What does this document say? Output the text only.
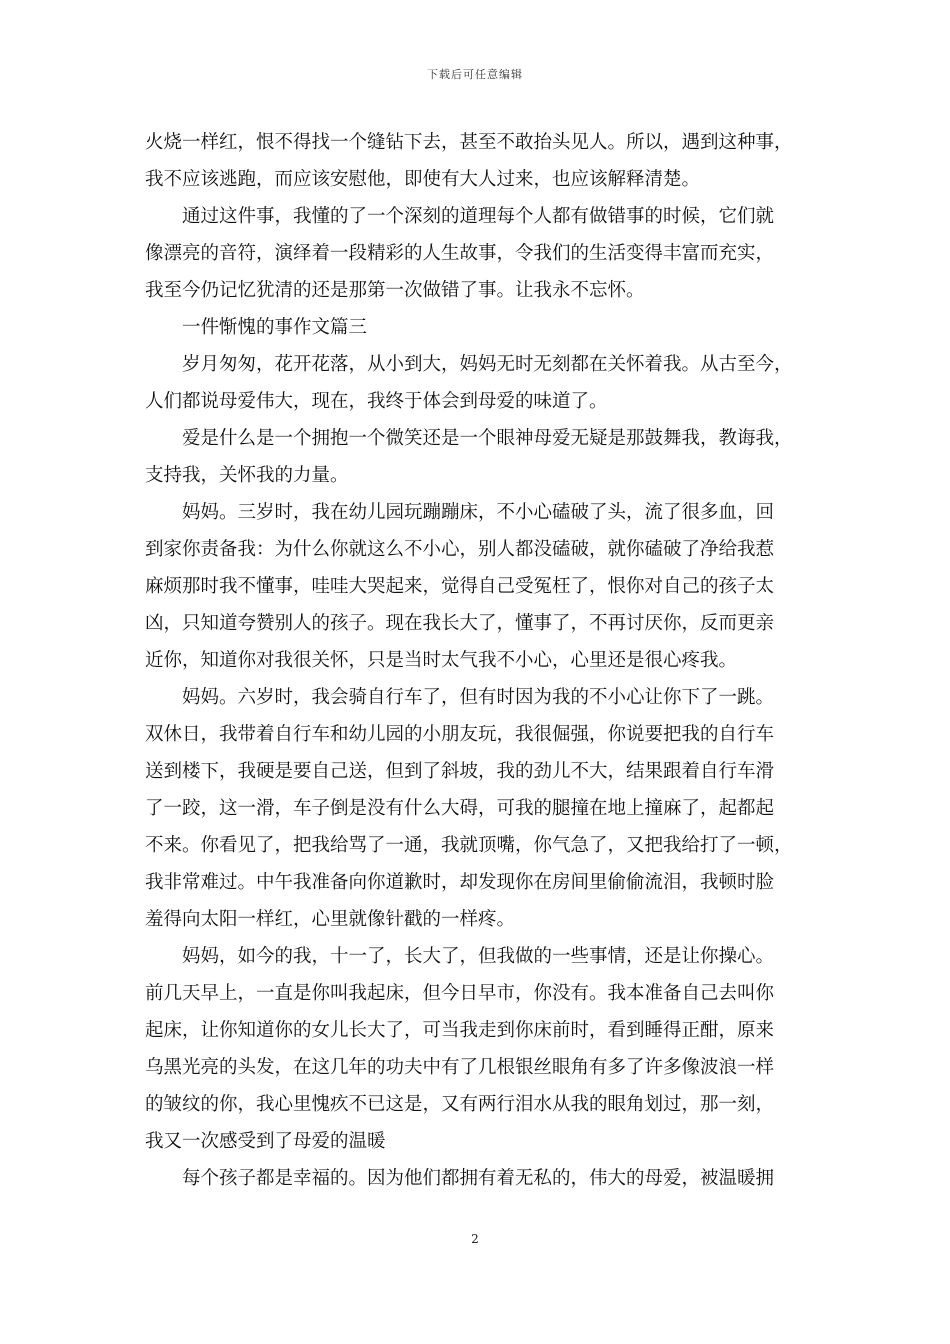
下载后可任意编辑
火烧一样红，恨不得找一个缝钻下去，甚至不敢抬头见人。所以，遇到这种事，
我不应该逃跑，而应该安慰他，即使有大人过来，也应该解释清楚。
通过这件事，我懂的了一个深刻的道理每个人都有做错事的时候，它们就
像漂亮的音符，演绎着一段精彩的人生故事，令我们的生活变得丰富而充实，
我至今仍记忆犹清的还是那第一次做错了事。让我永不忘怀。
一件惭愧的事作文篇三
岁月匆匆，花开花落，从小到大，妈妈无时无刻都在关怀着我。从古至今，
人们都说母爱伟大，现在，我终于体会到母爱的味道了。
爱是什么是一个拥抱一个微笑还是一个眼神母爱无疑是那鼓舞我，教诲我，
支持我，关怀我的力量。
妈妈。三岁时，我在幼儿园玩蹦蹦床，不小心磕破了头，流了很多血，回
到家你责备我：为什么你就这么不小心，别人都没磕破，就你磕破了净给我惹
麻烦那时我不懂事，哇哇大哭起来，觉得自己受冤枉了，恨你对自己的孩子太
凶，只知道夸赞别人的孩子。现在我长大了，懂事了，不再讨厌你，反而更亲
近你，知道你对我很关怀，只是当时太气我不小心，心里还是很心疼我。
妈妈。六岁时，我会骑自行车了，但有时因为我的不小心让你下了一跳。
双休日，我带着自行车和幼儿园的小朋友玩，我很倔强，你说要把我的自行车
送到楼下，我硬是要自己送，但到了斜坡，我的劲儿不大，结果跟着自行车滑
了一跤，这一滑，车子倒是没有什么大碍，可我的腿撞在地上撞麻了，起都起
不来。你看见了，把我给骂了一通，我就顶嘴，你气急了，又把我给打了一顿，
我非常难过。中午我准备向你道歉时，却发现你在房间里偷偷流泪，我顿时脸
羞得向太阳一样红，心里就像针戳的一样疼。
妈妈，如今的我，十一了，长大了，但我做的一些事情，还是让你操心。
前几天早上，一直是你叫我起床，但今日早市，你没有。我本准备自己去叫你
起床，让你知道你的女儿长大了，可当我走到你床前时，看到睡得正酣，原来
乌黑光亮的头发，在这几年的功夫中有了几根银丝眼角有多了许多像波浪一样
的皱纹的你，我心里愧疚不已这是，又有两行泪水从我的眼角划过，那一刻，
我又一次感受到了母爱的温暖
每个孩子都是幸福的。因为他们都拥有着无私的，伟大的母爱，被温暖拥
2
